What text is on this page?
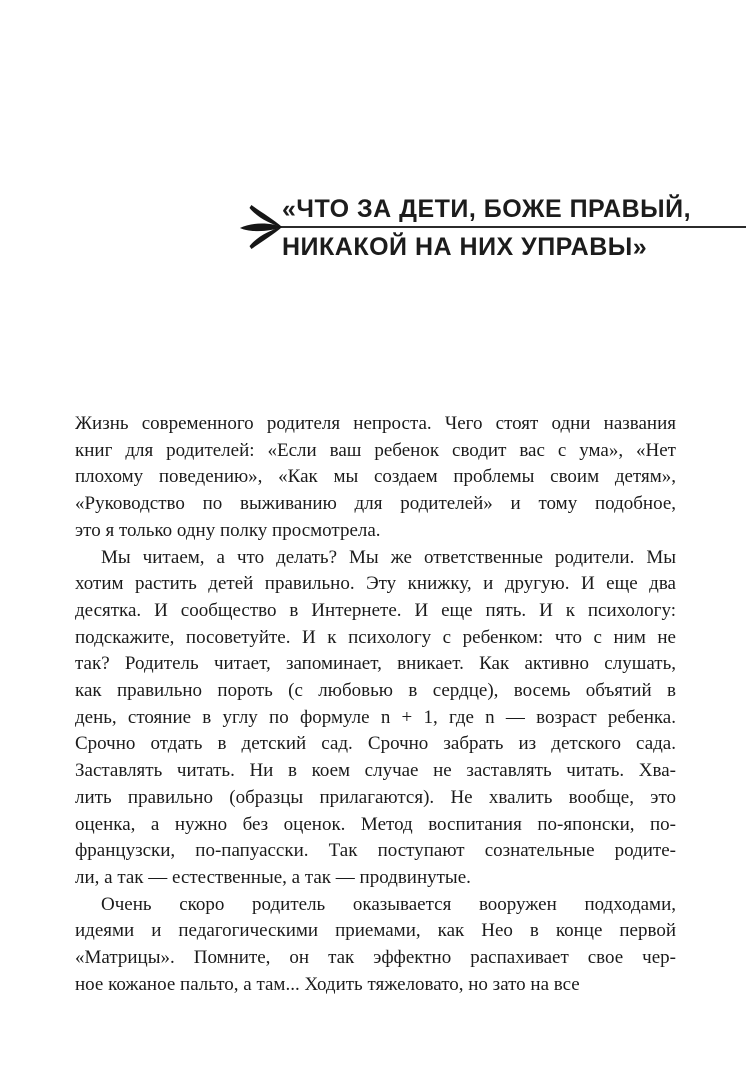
«ЧТО ЗА ДЕТИ, БОЖЕ ПРАВЫЙ,
НИКАКОЙ НА НИХ УПРАВЫ»

Жизнь современного родителя непроста. Чего стоят одни названия
книг для родителей: «Если ваш ребенок сводит вас с ума», «Нет
плохому поведению», «Как мы создаем проблемы своим детям»,
«Руководство по выживанию для родителей» и тому подобное,
это я только одну полку просмотрела.

Мы читаем, а что делать? Мы же ответственные родители. Мы
хотим растить детей правильно. Эту книжку, и другую. И еще два
десятка. И сообщество в Интернете. И еще пять. И к психологу:
подскажите, посоветуйте. И к психологу с ребенком: что с ним не
так? Родитель читает, запоминает, вникает. Как активно слушать,
как правильно пороть (с любовью в сердце), восемь объятий в
день, стояние в углу по формуле n + 1, где n — возраст ребенка.
Срочно отдать в детский сад. Срочно забрать из детского сада.
Заставлять читать. Ни в коем случае не заставлять читать. Хва-
лить правильно (образцы прилагаются). Не хвалить вообще, это
оценка, а нужно без оценок. Метод воспитания по-японски, по-
французски, по-папуасски. Так поступают сознательные родите-
ли, а так — естественные, а так — продвинутые.

Очень скоро родитель оказывается вооружен подходами,
идеями и педагогическими приемами, как Нео в конце первой
«Матрицы». Помните, он так эффектно распахивает свое чер-
ное кожаное пальто, а там... Ходить тяжеловато, но зато на все
